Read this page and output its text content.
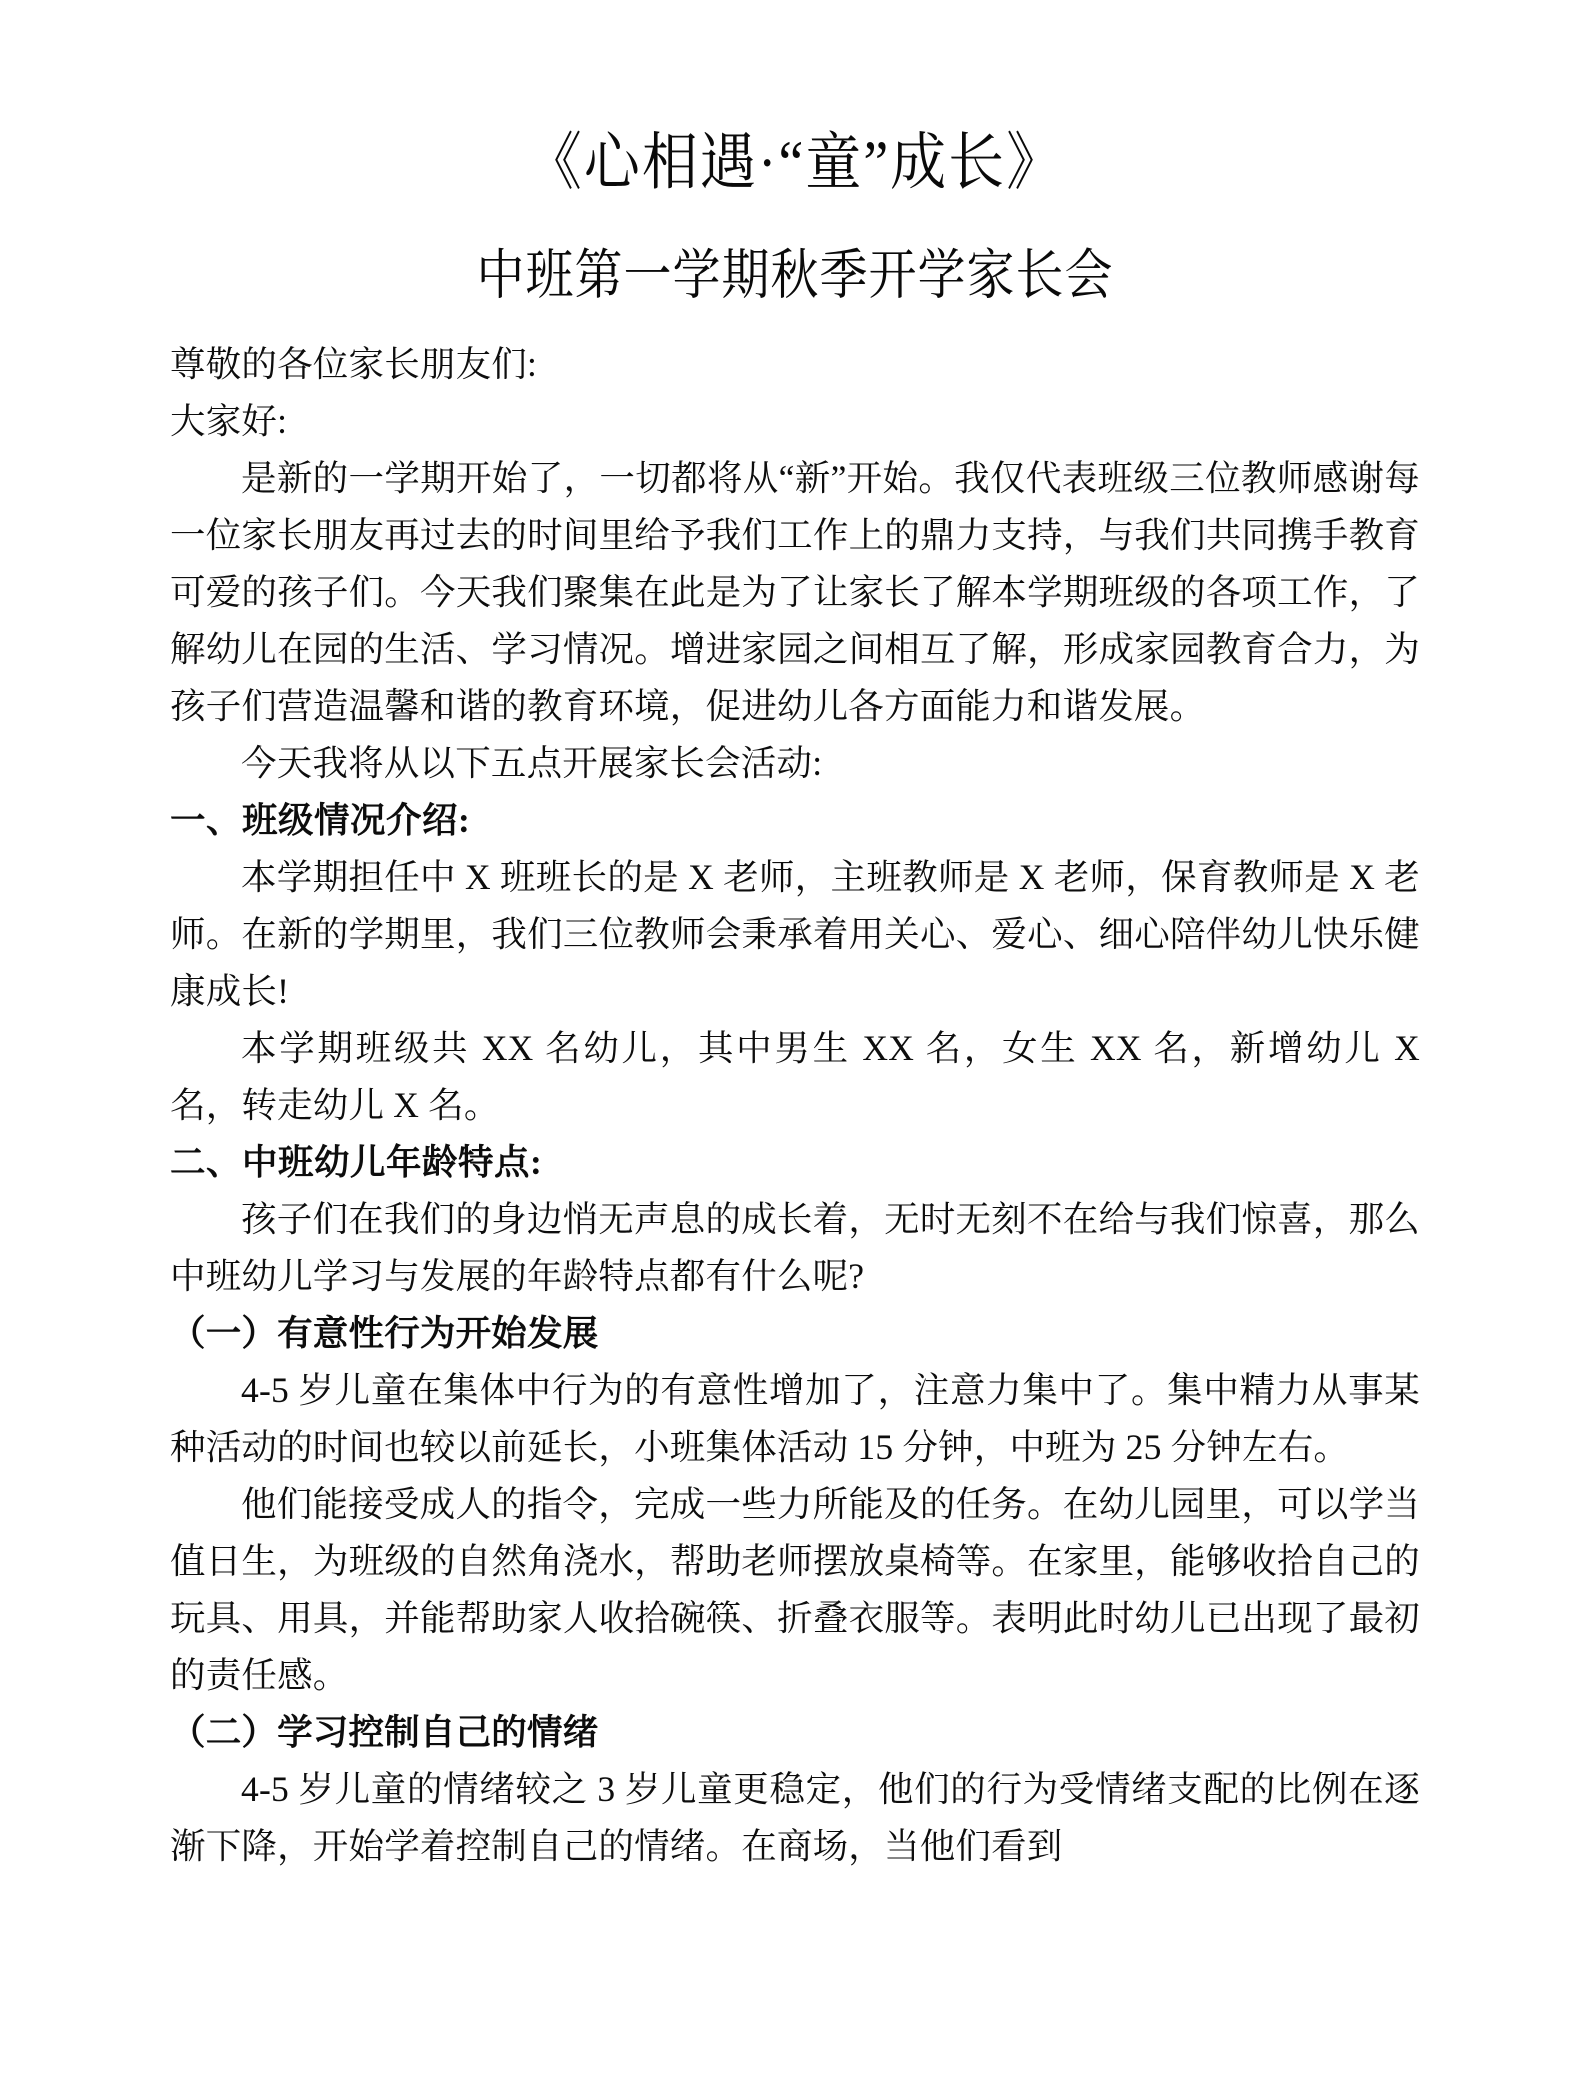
《心相遇·“童”成长》
中班第一学期秋季开学家长会

尊敬的各位家长朋友们:

大家好:

是新的一学期开始了，一切都将从“新”开始。我仅代表班级三位教师感谢每一位家长朋友再过去的时间里给予我们工作上的鼎力支持，与我们共同携手教育可爱的孩子们。今天我们聚集在此是为了让家长了解本学期班级的各项工作，了解幼儿在园的生活、学习情况。增进家园之间相互了解，形成家园教育合力，为孩子们营造温馨和谐的教育环境，促进幼儿各方面能力和谐发展。

今天我将从以下五点开展家长会活动:

一、班级情况介绍:

本学期担任中 X 班班长的是 X 老师，主班教师是 X 老师，保育教师是 X 老师。在新的学期里，我们三位教师会秉承着用关心、爱心、细心陪伴幼儿快乐健康成长!

本学期班级共 XX 名幼儿，其中男生 XX 名，女生 XX 名，新增幼儿 X 名，转走幼儿 X 名。

二、中班幼儿年龄特点:

孩子们在我们的身边悄无声息的成长着，无时无刻不在给与我们惊喜，那么中班幼儿学习与发展的年龄特点都有什么呢?

（一）有意性行为开始发展

4-5 岁儿童在集体中行为的有意性增加了，注意力集中了。集中精力从事某种活动的时间也较以前延长，小班集体活动 15 分钟，中班为 25 分钟左右。

他们能接受成人的指令，完成一些力所能及的任务。在幼儿园里，可以学当值日生，为班级的自然角浇水，帮助老师摆放桌椅等。在家里，能够收拾自己的玩具、用具，并能帮助家人收拾碗筷、折叠衣服等。表明此时幼儿已出现了最初的责任感。

（二）学习控制自己的情绪

4-5 岁儿童的情绪较之 3 岁儿童更稳定，他们的行为受情绪支配的比例在逐渐下降，开始学着控制自己的情绪。在商场，当他们看到
